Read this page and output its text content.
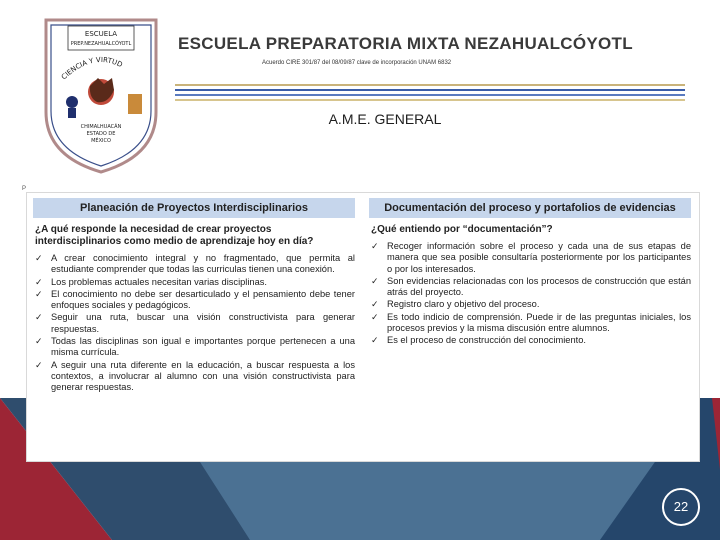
ESCUELA
PREP.NEZAHUALCÓYOTL
CIENCIA Y VIRTUD
CHIMALHUACÁN
ESTADO DE
MÉXICO
ESCUELA PREPARATORIA MIXTA NEZAHUALCÓYOTL
Acuerdo CIRE 301/87 del 08/09/87 clave de incorporación UNAM 6832
A.M.E. GENERAL
P
Planeación de Proyectos Interdisciplinarios
¿A qué responde la necesidad de crear proyectos interdisciplinarios como medio de aprendizaje hoy en día?
✓ A crear conocimiento integral y no fragmentado, que permita al estudiante comprender que todas las curriculas tienen una conexión.
✓ Los problemas actuales necesitan varias disciplinas.
✓ El conocimiento no debe ser desarticulado y el pensamiento debe tener enfoques sociales y pedagógicos.
✓ Seguir una ruta, buscar una visión constructivista para generar respuestas.
✓ Todas las disciplinas son igual e importantes porque pertenecen a una misma currícula.
✓ A seguir una ruta diferente en la educación, a buscar respuesta a los contextos, a involucrar al alumno con una visión constructivista para generar respuestas.
Documentación del proceso y portafolios de evidencias
¿Qué entiendo por “documentación”?
✓ Recoger información sobre el proceso y cada una de sus etapas de manera que sea posible consultaría posteriormente por los participantes o por los interesados.
✓ Son evidencias relacionadas con los procesos de construcción que están atrás del proyecto.
✓ Registro claro y objetivo del proceso.
✓ Es todo indicio de comprensión. Puede ir de las preguntas iniciales, los procesos previos y la misma discusión entre alumnos.
✓ Es el proceso de construcción del conocimiento.
22
